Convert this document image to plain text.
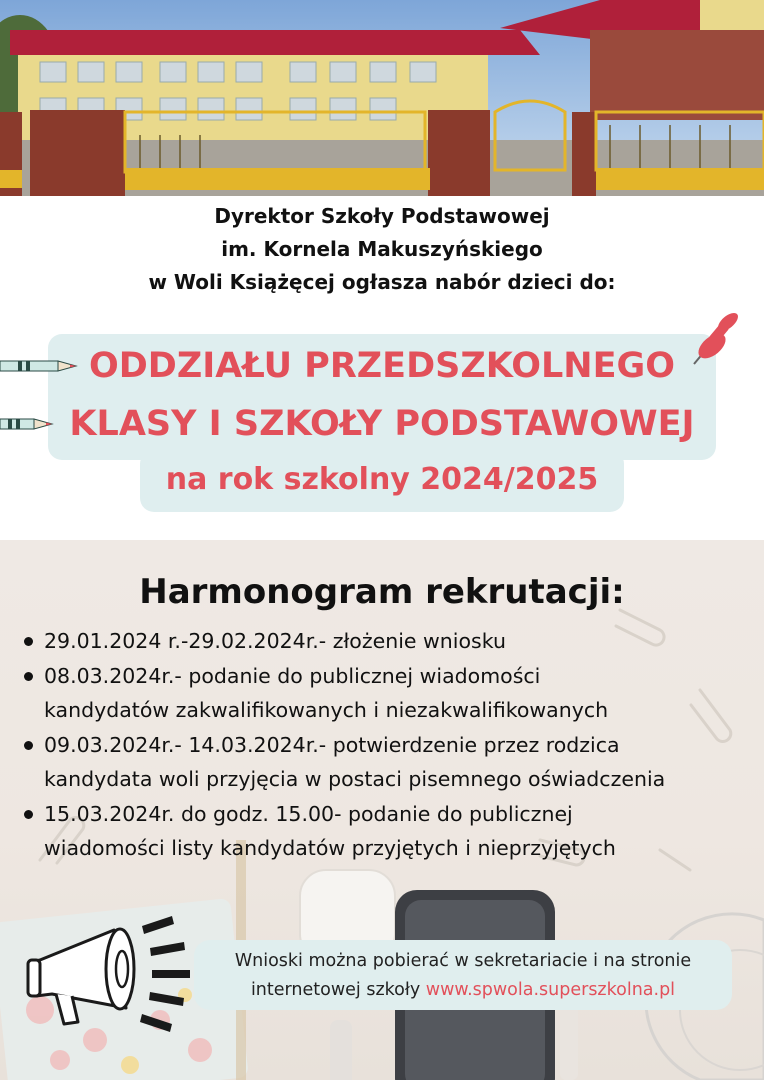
Dyrektor Szkoły Podstawowej
im. Kornela Makuszyńskiego
w Woli Książęcej ogłasza nabór dzieci do:
ODDZIAŁU PRZEDSZKOLNEGO
KLASY I SZKOŁY PODSTAWOWEJ
na rok szkolny 2024/2025
Harmonogram rekrutacji:
29.01.2024 r.-29.02.2024r.- złożenie wniosku
08.03.2024r.- podanie do publicznej wiadomości
kandydatów zakwalifikowanych i niezakwalifikowanych
09.03.2024r.- 14.03.2024r.- potwierdzenie przez rodzica
kandydata woli przyjęcia w postaci pisemnego oświadczenia
15.03.2024r. do godz. 15.00- podanie do publicznej
wiadomości listy kandydatów przyjętych i nieprzyjętych
Wnioski można pobierać w sekretariacie i na stronie
internetowej szkoły www.spwola.superszkolna.pl
